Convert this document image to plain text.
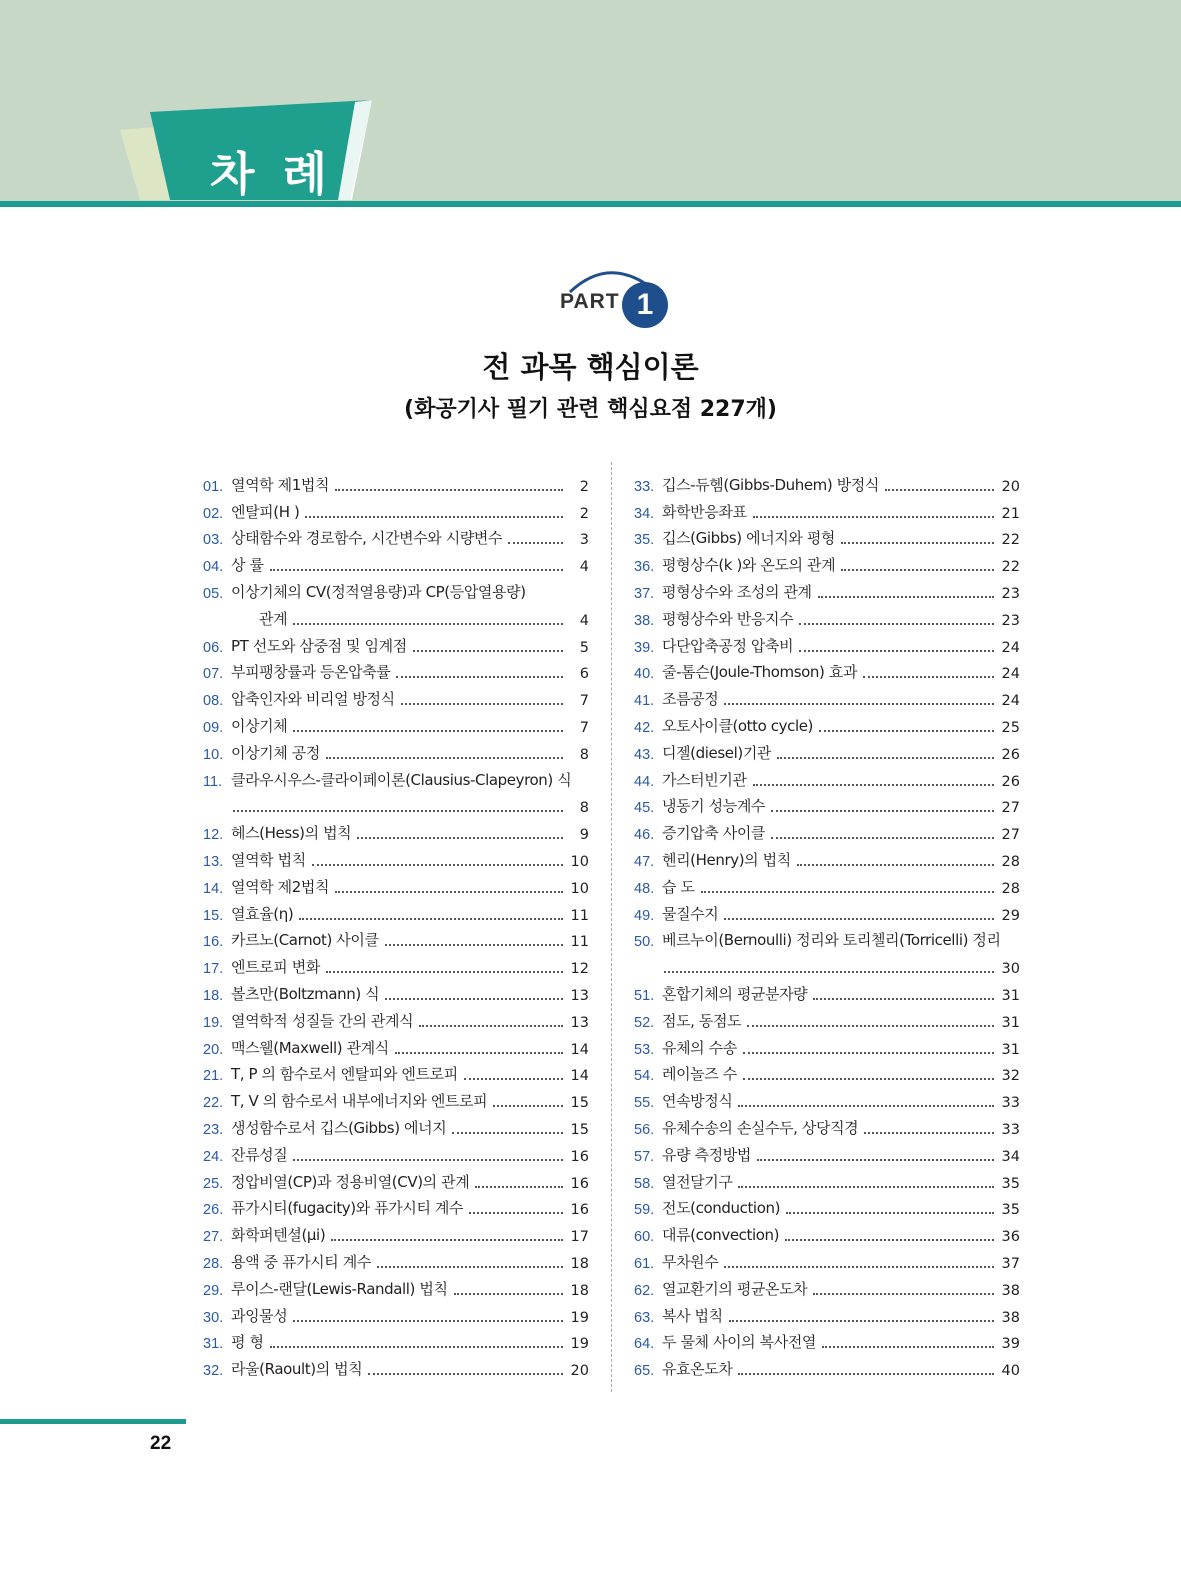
차 례
PART 1
전 과목 핵심이론
(화공기사 필기 관련 핵심요점 227개)
01. 열역학 제1법칙	2
02. 엔탈피(H )	2
03. 상태함수와 경로함수, 시간변수와 시량변수	3
04. 상 률	4
05. 이상기체의 CV(정적열용량)과 CP(등압열용량)
관계	4
06. PT 선도와 삼중점 및 임계점	5
07. 부피팽창률과 등온압축률	6
08. 압축인자와 비리얼 방정식	7
09. 이상기체	7
10. 이상기체 공정	8
11. 클라우시우스-클라이페이론(Clausius-Clapeyron) 식
8
12. 헤스(Hess)의 법칙	9
13. 열역학 법칙	10
14. 열역학 제2법칙	10
15. 열효율(η)	11
16. 카르노(Carnot) 사이클	11
17. 엔트로피 변화	12
18. 볼츠만(Boltzmann) 식	13
19. 열역학적 성질들 간의 관계식	13
20. 맥스웰(Maxwell) 관계식	14
21. T, P 의 함수로서 엔탈피와 엔트로피	14
22. T, V 의 함수로서 내부에너지와 엔트로피	15
23. 생성함수로서 깁스(Gibbs) 에너지	15
24. 잔류성질	16
25. 정압비열(CP)과 정용비열(CV)의 관계	16
26. 퓨가시티(fugacity)와 퓨가시티 계수	16
27. 화학퍼텐셜(μi)	17
28. 용액 중 퓨가시티 계수	18
29. 루이스-랜달(Lewis-Randall) 법칙	18
30. 과잉물성	19
31. 평 형	19
32. 라울(Raoult)의 법칙	20
33. 깁스-듀헴(Gibbs-Duhem) 방정식	20
34. 화학반응좌표	21
35. 깁스(Gibbs) 에너지와 평형	22
36. 평형상수(k )와 온도의 관계	22
37. 평형상수와 조성의 관계	23
38. 평형상수와 반응지수	23
39. 다단압축공정 압축비	24
40. 줄-톰슨(Joule-Thomson) 효과	24
41. 조름공정	24
42. 오토사이클(otto cycle)	25
43. 디젤(diesel)기관	26
44. 가스터빈기관	26
45. 냉동기 성능계수	27
46. 증기압축 사이클	27
47. 헨리(Henry)의 법칙	28
48. 습 도	28
49. 물질수지	29
50. 베르누이(Bernoulli) 정리와 토리첼리(Torricelli) 정리
30
51. 혼합기체의 평균분자량	31
52. 점도, 동점도	31
53. 유체의 수송	31
54. 레이놀즈 수	32
55. 연속방정식	33
56. 유체수송의 손실수두, 상당직경	33
57. 유량 측정방법	34
58. 열전달기구	35
59. 전도(conduction)	35
60. 대류(convection)	36
61. 무차원수	37
62. 열교환기의 평균온도차	38
63. 복사 법칙	38
64. 두 물체 사이의 복사전열	39
65. 유효온도차	40
22
